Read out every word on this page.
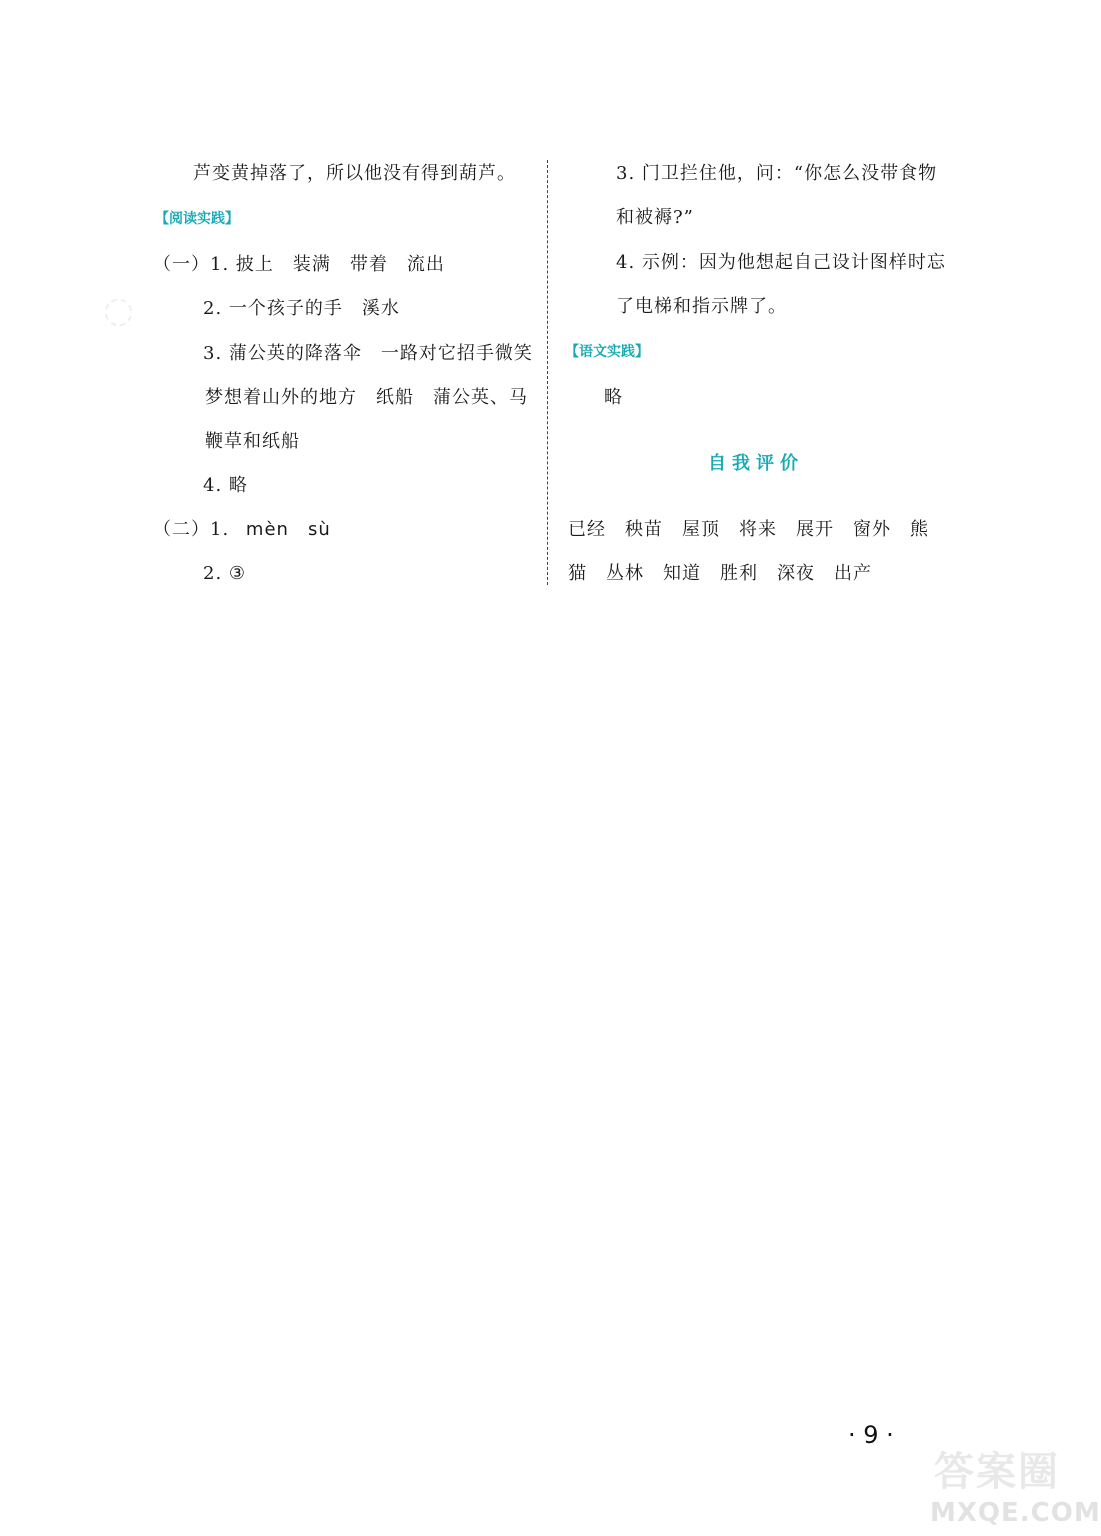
◌
芦变黄掉落了，所以他没有得到葫芦。
【阅读实践】
（一）1. 披上　装满　带着　流出
2. 一个孩子的手　溪水
3. 蒲公英的降落伞　一路对它招手微笑
梦想着山外的地方　纸船　蒲公英、马
鞭草和纸船
4. 略
（二）1. mèn　sù
2. ③
3. 门卫拦住他，问：“你怎么没带食物
和被褥?”
4. 示例：因为他想起自己设计图样时忘
了电梯和指示牌了。
【语文实践】
略
自我评价
已经　秧苗　屋顶　将来　展开　窗外　熊
猫　丛林　知道　胜利　深夜　出产
· 9 ·
答案圈
MXQE.COM
